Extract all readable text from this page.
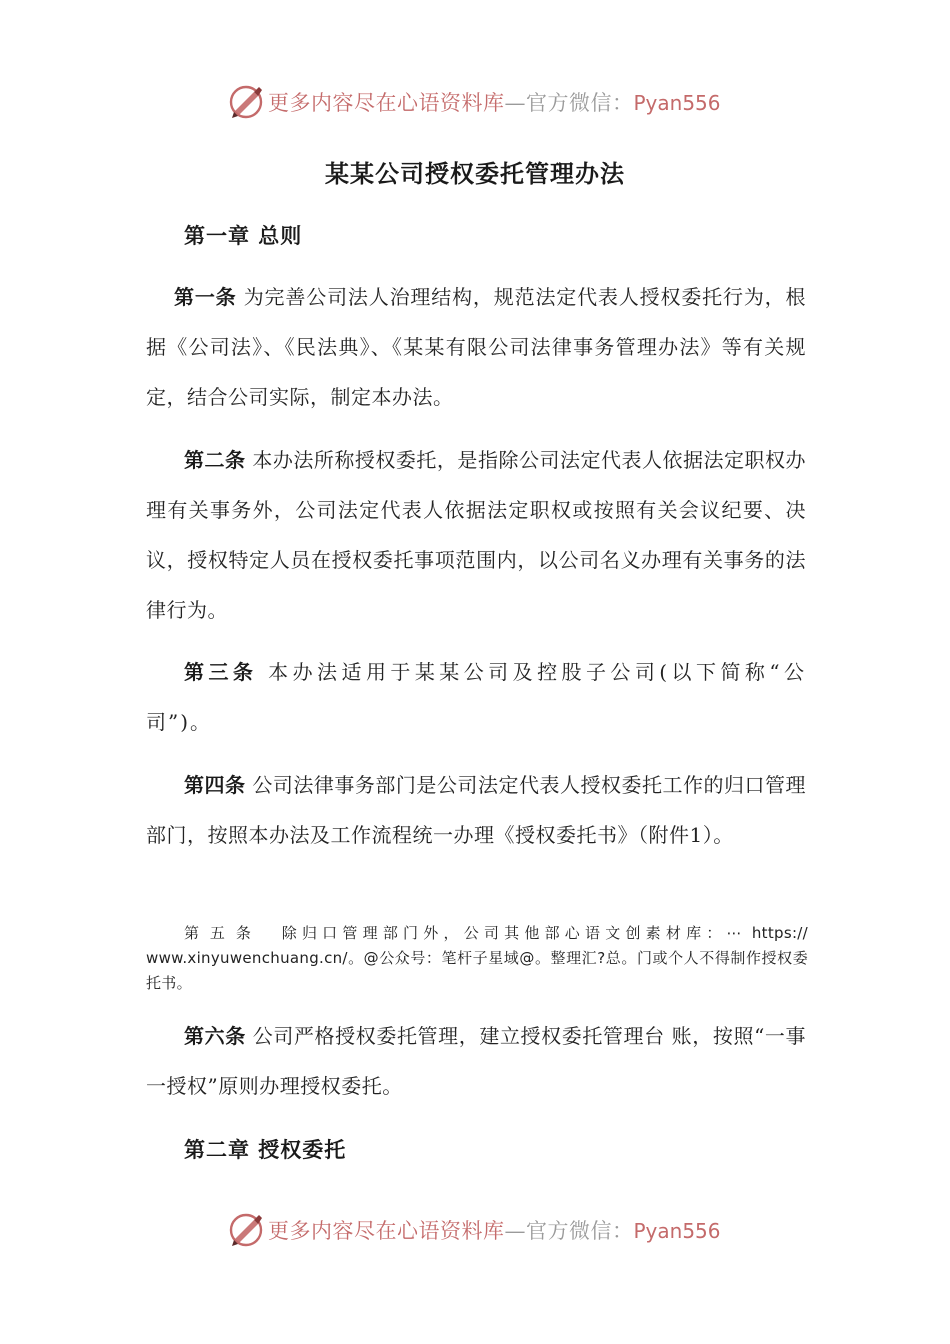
更多内容尽在心语资料库—官方微信：Pyan556
某某公司授权委托管理办法
第一章 总则
第一条 为完善公司法人治理结构，规范法定代表人授权委托行为，根据《公司法》、《民法典》、《某某有限公司法律事务管理办法》等有关规定，结合公司实际，制定本办法。
第二条 本办法所称授权委托，是指除公司法定代表人依据法定职权办理有关事务外，公司法定代表人依据法定职权或按照有关会议纪要、决议，授权特定人员在授权委托事项范围内，以公司名义办理有关事务的法律行为。
第三条 本办法适用于某某公司及控股子公司(以下简称“公司”)。
第四条 公司法律事务部门是公司法定代表人授权委托工作的归口管理部门，按照本办法及工作流程统一办理《授权委托书》（附件1）。
第五条 除归口管理部门外，公司其他部心语文创素材库：⋯ https:// www.xinyuwenchuang.cn/。@公众号：笔杆子星域@。整理汇?总。门或个人不得制作授权委托书。
第六条 公司严格授权委托管理，建立授权委托管理台 账，按照“一事一授权”原则办理授权委托。
第二章 授权委托
更多内容尽在心语资料库—官方微信：Pyan556
